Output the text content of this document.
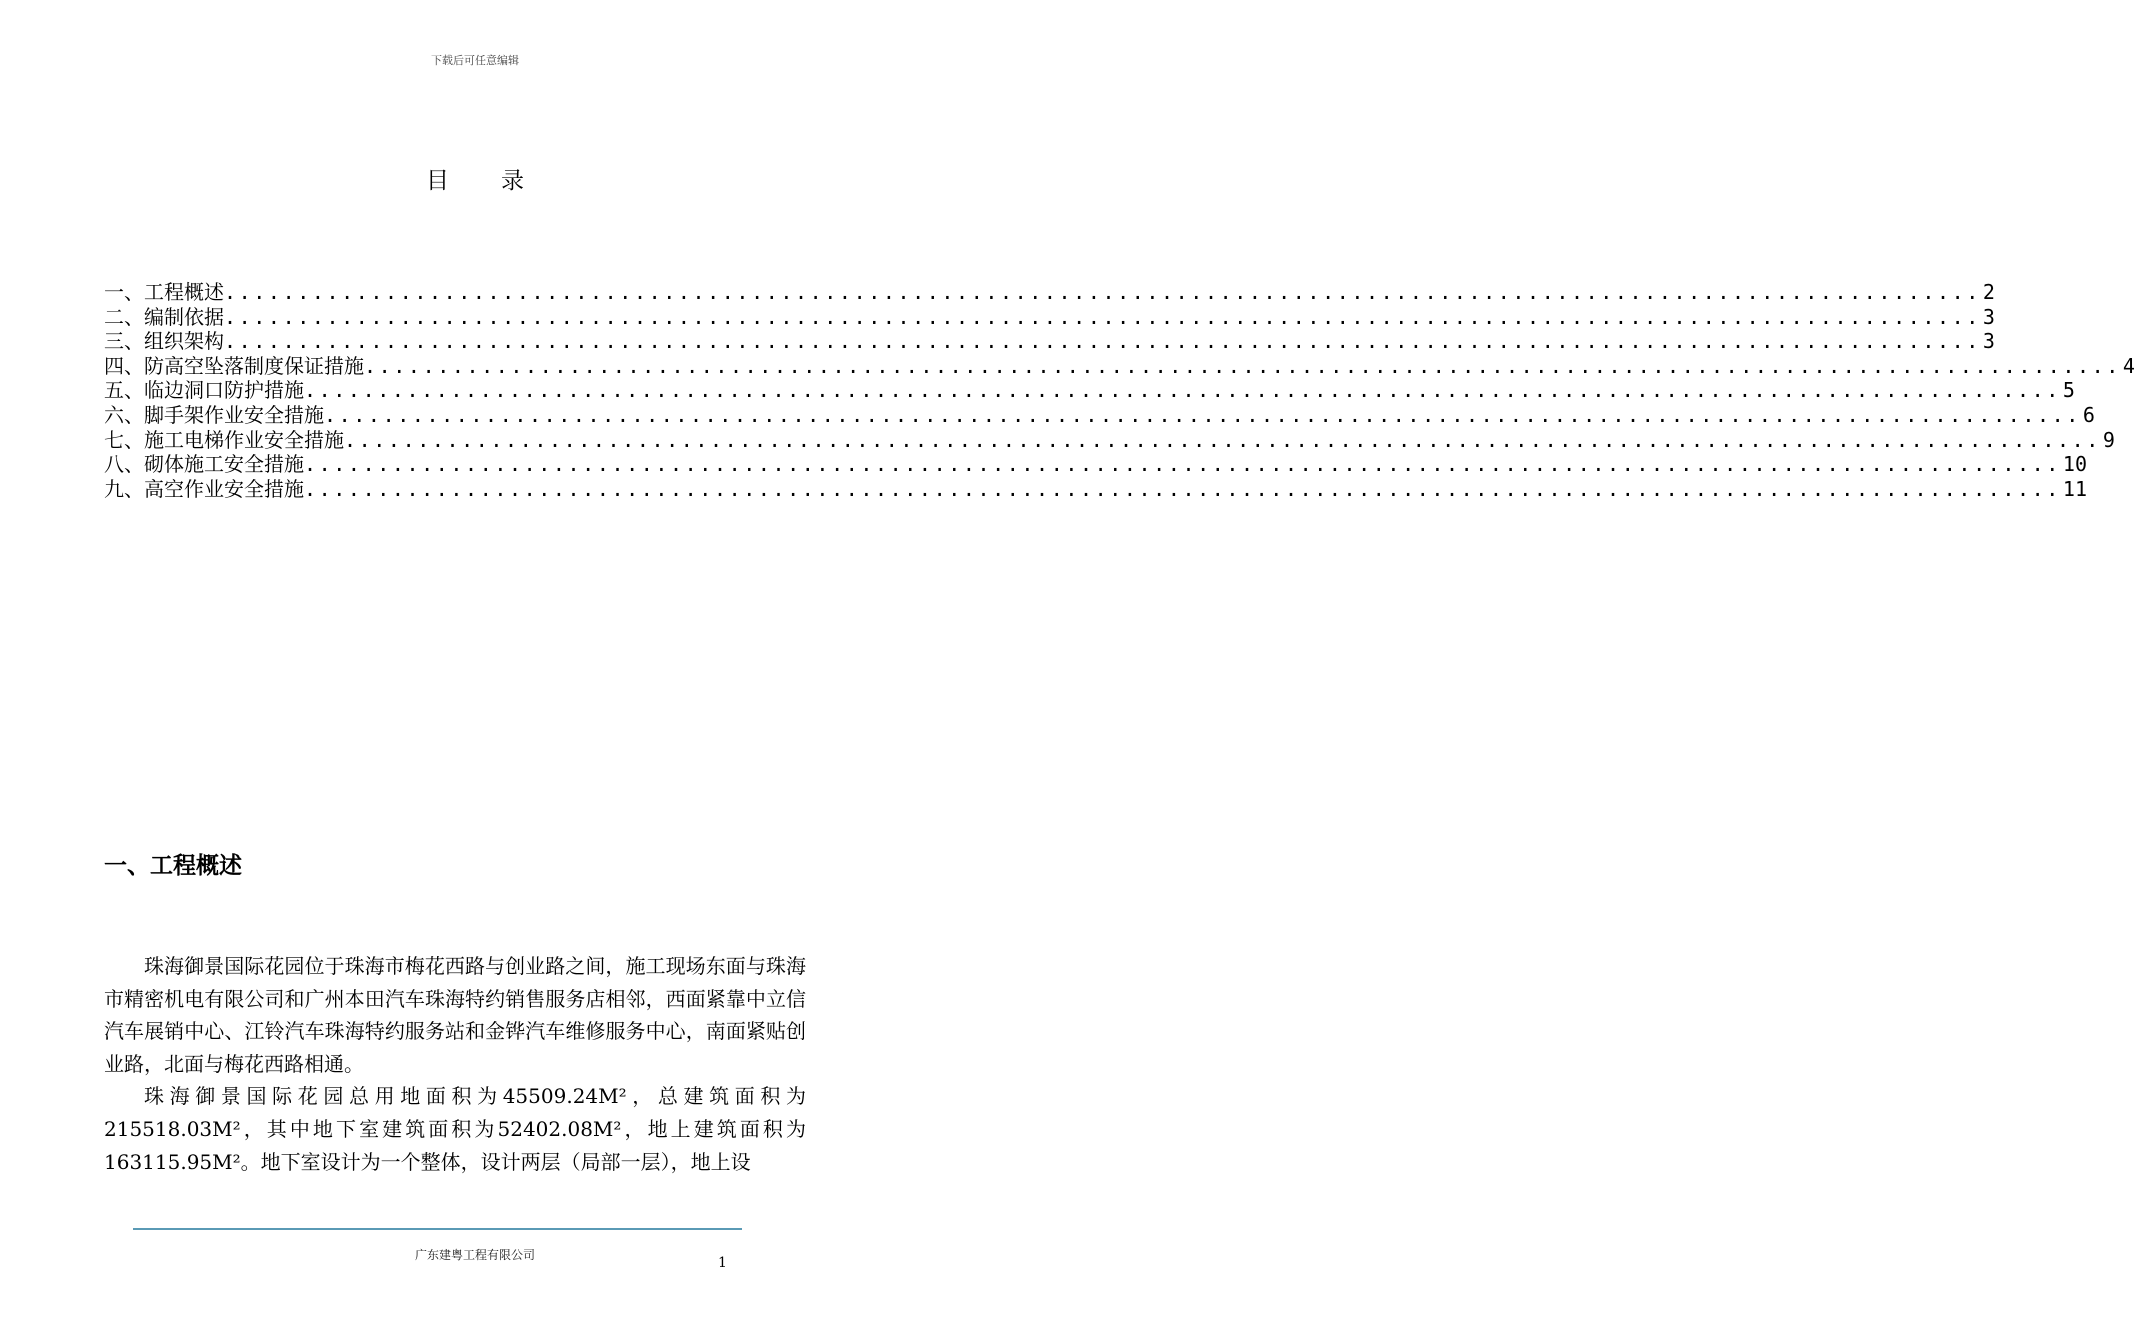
下载后可任意编辑
目录
一、工程概述 ........................................................................................................................ 2
二、编制依据 ........................................................................................................................ 3
三、组织架构 ........................................................................................................................ 3
四、防高空坠落制度保证措施 ........................................................................................................................ 4
五、临边洞口防护措施 ........................................................................................................................ 5
六、脚手架作业安全措施 ........................................................................................................................ 6
七、施工电梯作业安全措施 ........................................................................................................................ 9
八、砌体施工安全措施 ........................................................................................................................ 10
九、高空作业安全措施 ........................................................................................................................ 11
一、工程概述

珠海御景国际花园位于珠海市梅花西路与创业路之间，施工现场东面与珠海市精密机电有限公司和广州本田汽车珠海特约销售服务店相邻，西面紧靠中立信汽车展销中心、江铃汽车珠海特约服务站和金铧汽车维修服务中心，南面紧贴创业路，北面与梅花西路相通。

珠海御景国际花园总用地面积为45509.24M²，总建筑面积为215518.03M²，其中地下室建筑面积为52402.08M²，地上建筑面积为163115.95M²。地下室设计为一个整体，设计两层（局部一层），地上设

广东建粤工程有限公司	1
